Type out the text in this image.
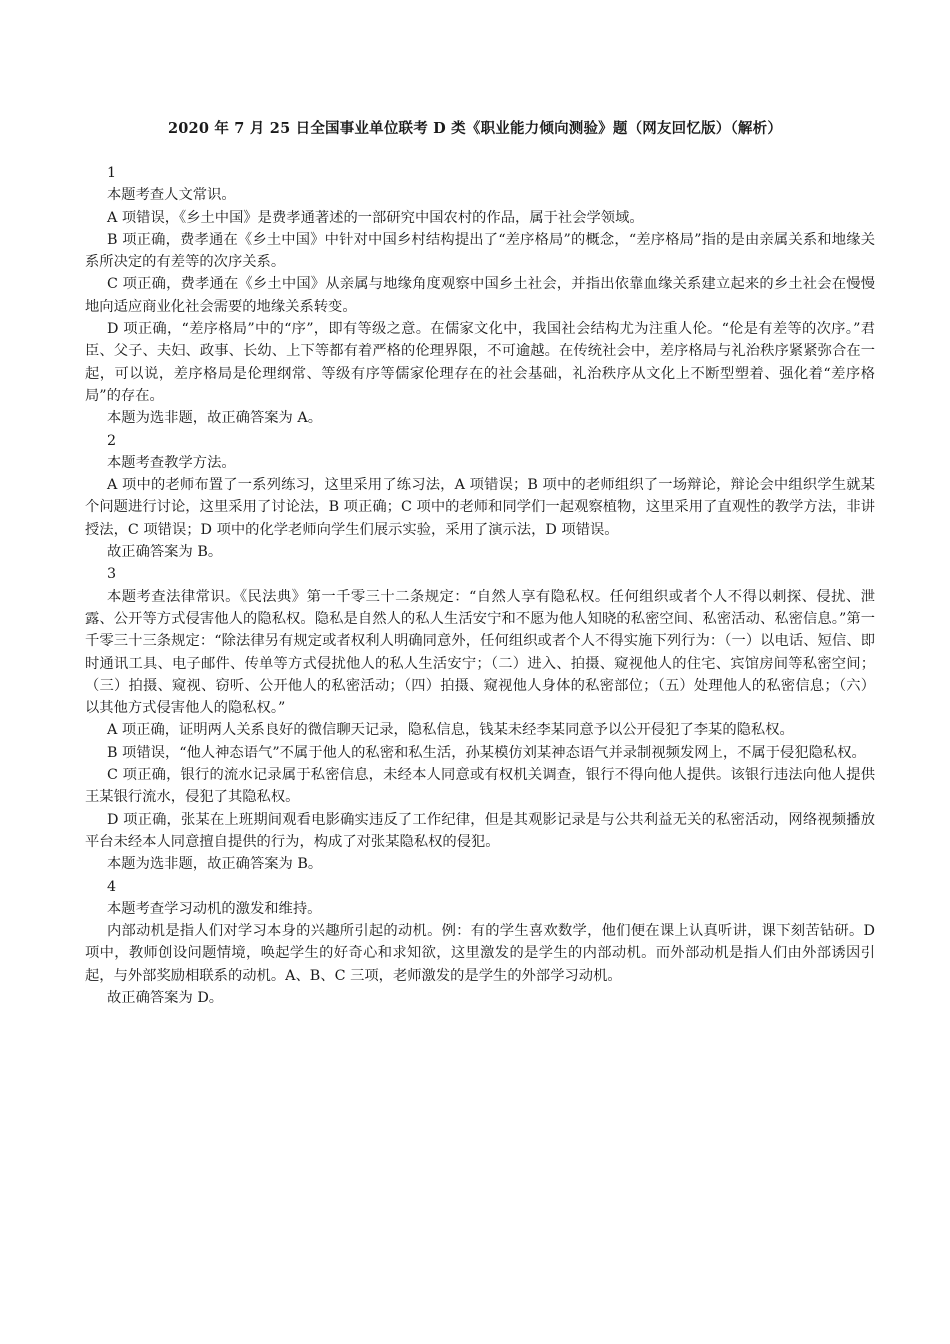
2020 年 7 月 25 日全国事业单位联考 D 类《职业能力倾向测验》题（网友回忆版）（解析）

1

本题考查人文常识。

A 项错误，《乡土中国》是费孝通著述的一部研究中国农村的作品，属于社会学领域。

B 项正确，费孝通在《乡土中国》中针对中国乡村结构提出了“差序格局”的概念，“差序格局”指的是由亲属关系和地缘关系所决定的有差等的次序关系。

C 项正确，费孝通在《乡土中国》从亲属与地缘角度观察中国乡土社会，并指出依靠血缘关系建立起来的乡土社会在慢慢地向适应商业化社会需要的地缘关系转变。

D 项正确，“差序格局”中的“序”，即有等级之意。在儒家文化中，我国社会结构尤为注重人伦。“伦是有差等的次序。”君臣、父子、夫妇、政事、长幼、上下等都有着严格的伦理界限，不可逾越。在传统社会中，差序格局与礼治秩序紧紧弥合在一起，可以说，差序格局是伦理纲常、等级有序等儒家伦理存在的社会基础，礼治秩序从文化上不断型塑着、强化着“差序格局”的存在。

本题为选非题，故正确答案为 A。

2

本题考查教学方法。

A 项中的老师布置了一系列练习，这里采用了练习法，A 项错误；B 项中的老师组织了一场辩论，辩论会中组织学生就某个问题进行讨论，这里采用了讨论法，B 项正确；C 项中的老师和同学们一起观察植物，这里采用了直观性的教学方法，非讲授法，C 项错误；D 项中的化学老师向学生们展示实验，采用了演示法，D 项错误。

故正确答案为 B。

3

本题考查法律常识。《民法典》第一千零三十二条规定：“自然人享有隐私权。任何组织或者个人不得以刺探、侵扰、泄露、公开等方式侵害他人的隐私权。隐私是自然人的私人生活安宁和不愿为他人知晓的私密空间、私密活动、私密信息。”第一千零三十三条规定：“除法律另有规定或者权利人明确同意外，任何组织或者个人不得实施下列行为：（一）以电话、短信、即时通讯工具、电子邮件、传单等方式侵扰他人的私人生活安宁；（二）进入、拍摄、窥视他人的住宅、宾馆房间等私密空间；（三）拍摄、窥视、窃听、公开他人的私密活动；（四）拍摄、窥视他人身体的私密部位；（五）处理他人的私密信息；（六）以其他方式侵害他人的隐私权。”

A 项正确，证明两人关系良好的微信聊天记录，隐私信息，钱某未经李某同意予以公开侵犯了李某的隐私权。

B 项错误，“他人神态语气”不属于他人的私密和私生活，孙某模仿刘某神态语气并录制视频发网上，不属于侵犯隐私权。

C 项正确，银行的流水记录属于私密信息，未经本人同意或有权机关调查，银行不得向他人提供。该银行违法向他人提供王某银行流水，侵犯了其隐私权。

D 项正确，张某在上班期间观看电影确实违反了工作纪律，但是其观影记录是与公共利益无关的私密活动，网络视频播放平台未经本人同意擅自提供的行为，构成了对张某隐私权的侵犯。

本题为选非题，故正确答案为 B。

4

本题考查学习动机的激发和维持。

内部动机是指人们对学习本身的兴趣所引起的动机。例：有的学生喜欢数学，他们便在课上认真听讲，课下刻苦钻研。D 项中，教师创设问题情境，唤起学生的好奇心和求知欲，这里激发的是学生的内部动机。而外部动机是指人们由外部诱因引起，与外部奖励相联系的动机。A、B、C 三项，老师激发的是学生的外部学习动机。

故正确答案为 D。
